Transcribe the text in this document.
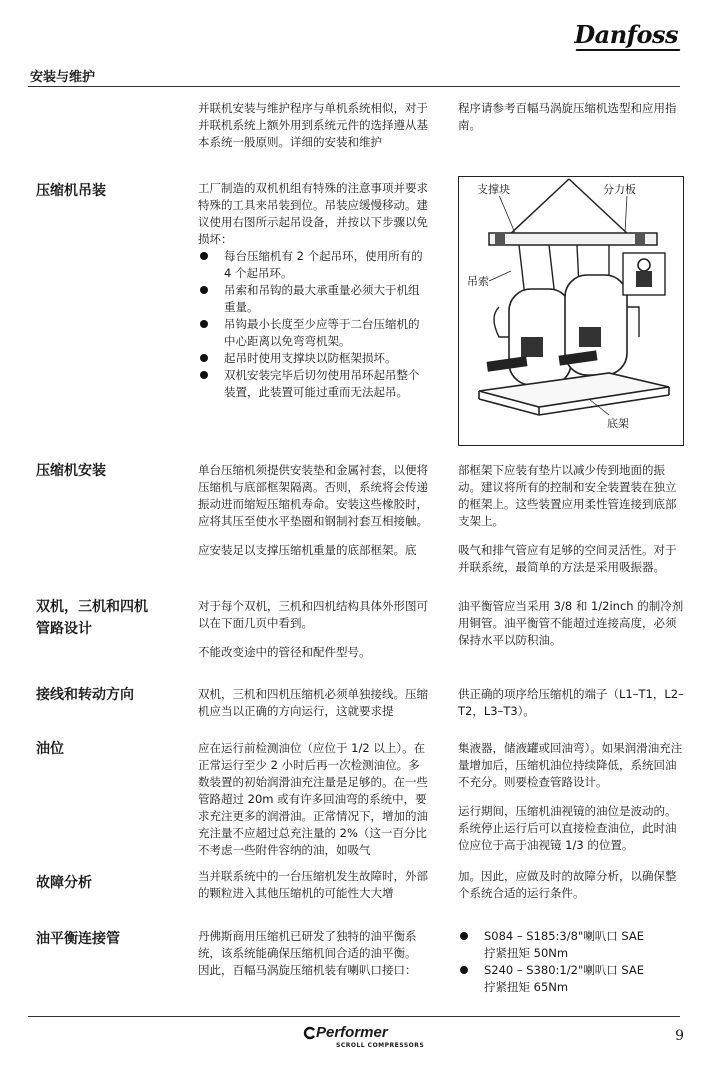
Danfoss
安装与维护

并联机安装与维护程序与单机系统相似，对于并联机系统上额外用到系统元件的选择遵从基本系统一般原则。详细的安装和维护

程序请参考百幅马涡旋压缩机选型和应用指南。

压缩机吊装	工厂制造的双机机组有特殊的注意事项并要求特殊的工具来吊装到位。吊装应缓慢移动。建议使用右图所示起吊设备，并按以下步骤以免损坏：

每台压缩机有 2 个起吊环，使用所有的 4 个起吊环。
吊索和吊钩的最大承重量必须大于机组重量。
吊钩最小长度至少应等于二台压缩机的中心距离以免弯弯机架。
起吊时使用支撑块以防框架损坏。
双机安装完毕后切勿使用吊环起吊整个装置，此装置可能过重而无法起吊。
支撑块	分力板
吊索
底架
压缩机安装	单台压缩机须提供安装垫和金属衬套，以便将压缩机与底部框架隔离。否则，系统将会传递振动进而缩短压缩机寿命。安装这些橡胶时，应将其压至使水平垫圈和钢制衬套互相接触。

应安装足以支撑压缩机重量的底部框架。底

部框架下应装有垫片以减少传到地面的振动。建议将所有的控制和安全装置装在独立的框架上。这些装置应用柔性管连接到底部支架上。

吸气和排气管应有足够的空间灵活性。对于并联系统，最简单的方法是采用吸振器。

双机，三机和四机
管路设计

对于每个双机，三机和四机结构具体外形图可以在下面几页中看到。

不能改变途中的管径和配件型号。

油平衡管应当采用 3/8 和 1/2inch 的制冷剂用铜管。油平衡管不能超过连接高度，必须保持水平以防积油。

接线和转动方向	双机，三机和四机压缩机必须单独接线。压缩机应当以正确的方向运行，这就要求提

供正确的项序给压缩机的端子（L1–T1，L2–T2，L3–T3）。

油位	应在运行前检测油位（应位于 1/2 以上）。在正常运行至少 2 小时后再一次检测油位。多数装置的初始润滑油充注量是足够的。在一些管路超过 20m 或有许多回油弯的系统中，要求充注更多的润滑油。正常情况下，增加的油充注量不应超过总充注量的 2%（这一百分比不考虑一些附件容纳的油，如吸气

集液器，储液罐或回油弯）。如果润滑油充注量增加后，压缩机油位持续降低，系统回油不充分。则要检查管路设计。

运行期间，压缩机油视镜的油位是波动的。系统停止运行后可以直接检查油位，此时油位应位于高于油视镜 1/3 的位置。

故障分析	当并联系统中的一台压缩机发生故障时，外部的颗粒进入其他压缩机的可能性大大增

加。因此，应做及时的故障分析，以确保整个系统合适的运行条件。

油平衡连接管	丹佛斯商用压缩机已研发了独特的油平衡系统，该系统能确保压缩机间合适的油平衡。

因此，百幅马涡旋压缩机装有喇叭口接口：

S084 – S185:3/8"喇叭口 SAE
拧紧扭矩 50Nm
S240 – S380:1/2"喇叭口 SAE
拧紧扭矩 65Nm
Performer
SCROLL COMPRESSORS
9
